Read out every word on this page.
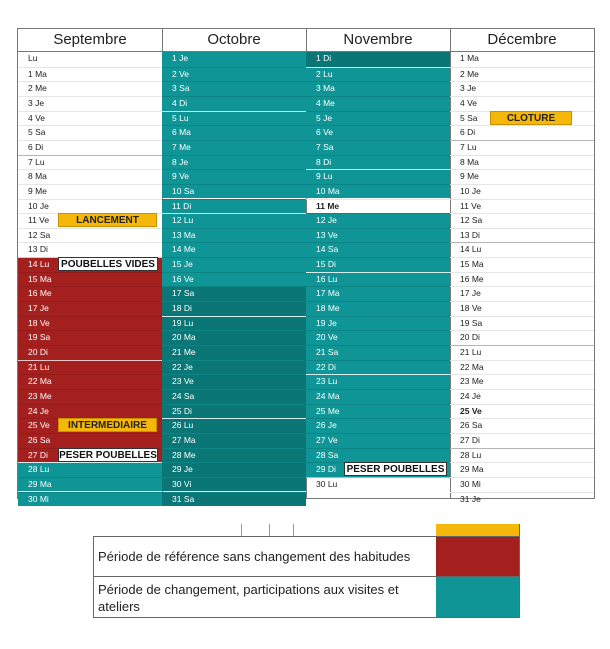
Septembre
Lu
1 Ma
2 Me
3 Je
4 Ve
5 Sa
6 Di
7 Lu
8 Ma
9 Me
10 Je
11 Ve
12 Sa
13 Di
14 Lu
15 Ma
16 Me
17 Je
18 Ve
19 Sa
20 Di
21 Lu
22 Ma
23 Me
24 Je
25 Ve
26 Sa
27 Di
28 Lu
29 Ma
30 Mi
LANCEMENT
POUBELLES VIDES
INTERMEDIAIRE
PESER POUBELLES
Octobre
1 Je
2 Ve
3 Sa
4 Di
5 Lu
6 Ma
7 Me
8 Je
9 Ve
10 Sa
11 Di
12 Lu
13 Ma
14 Me
15 Je
16 Ve
17 Sa
18 Di
19 Lu
20 Ma
21 Me
22 Je
23 Ve
24 Sa
25 Di
26 Lu
27 Ma
28 Me
29 Je
30 Vi
31 Sa
Novembre
1 Di
2 Lu
3 Ma
4 Me
5 Je
6 Ve
7 Sa
8 Di
9 Lu
10 Ma
11 Me
12 Je
13 Ve
14 Sa
15 Di
16 Lu
17 Ma
18 Me
19 Je
20 Ve
21 Sa
22 Di
23 Lu
24 Ma
25 Me
26 Je
27 Ve
28 Sa
29 Di
30 Lu
PESER POUBELLES
Décembre
1 Ma
2 Me
3 Je
4 Ve
5 Sa
6 Di
7 Lu
8 Ma
9 Me
10 Je
11 Ve
12 Sa
13 Di
14 Lu
15 Ma
16 Me
17 Je
18 Ve
19 Sa
20 Di
21 Lu
22 Ma
23 Me
24 Je
25 Ve
26 Sa
27 Di
28 Lu
29 Ma
30 Mi
31 Je
CLOTURE
Période de référence sans changement des habitudes
Période de changement, participations aux visites et ateliers
